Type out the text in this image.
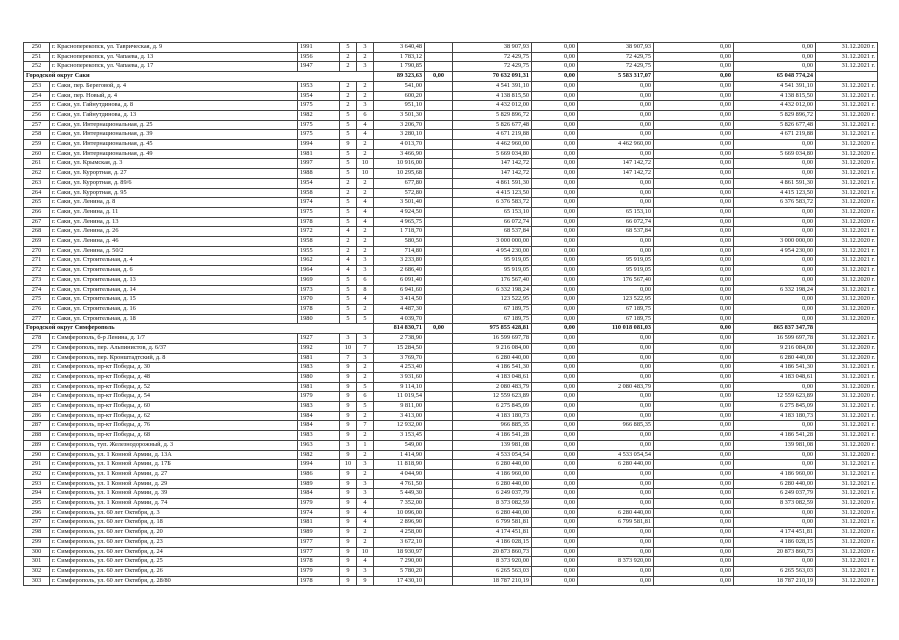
250	г. Красноперекопск, ул. Таврическая, д. 9	1991	5	3	3 640,48		38 907,93	0,00	38 907,93	0,00	0,00	31.12.2020 г.
251	г. Красноперекопск, ул. Чапаева, д. 13	1956	2	2	1 783,12		72 429,75	0,00	72 429,75	0,00	0,00	31.12.2021 г.
252	г. Красноперекопск, ул. Чапаева, д. 17	1947	2	3	1 790,85		72 429,75	0,00	72 429,75	0,00	0,00	31.12.2021 г.
Городской округ Саки					89 323,63	0,00	70 632 091,31	0,00	5 583 317,07	0,00	65 048 774,24	
253	г. Саки, пер. Береговой, д. 4	1953	2	2	541,00		4 541 391,10	0,00	0,00	0,00	4 541 391,10	31.12.2021 г.
254	г. Саки, пер. Новый, д. 4	1954	2	2	600,20		4 138 815,50	0,00	0,00	0,00	4 138 815,50	31.12.2021 г.
255	г. Саки, ул. Гайнутдинова, д. 8	1975	2	3	951,10		4 432 012,00	0,00	0,00	0,00	4 432 012,00	31.12.2021 г.
256	г. Саки, ул. Гайнутдинова, д. 13	1982	5	6	3 501,30		5 829 896,72	0,00	0,00	0,00	5 829 896,72	31.12.2020 г.
257	г. Саки, ул. Интернациональная, д. 25	1975	5	4	3 206,70		5 826 677,48	0,00	0,00	0,00	5 826 677,48	31.12.2021 г.
258	г. Саки, ул. Интернациональная, д. 39	1975	5	4	3 280,10		4 671 219,88	0,00	0,00	0,00	4 671 219,88	31.12.2021 г.
259	г. Саки, ул. Интернациональная, д. 45	1994	9	2	4 013,70		4 462 960,00	0,00	4 462 960,00	0,00	0,00	31.12.2020 г.
260	г. Саки, ул. Интернациональная, д. 49	1981	5	2	3 466,90		5 669 034,80	0,00	0,00	0,00	5 669 034,80	31.12.2020 г.
261	г. Саки, ул. Крымская, д. 3	1997	5	10	10 916,00		147 142,72	0,00	147 142,72	0,00	0,00	31.12.2020 г.
262	г. Саки, ул. Курортная, д. 27	1988	5	10	10 295,68		147 142,72	0,00	147 142,72	0,00	0,00	31.12.2021 г.
263	г. Саки, ул. Курортная, д. 89/6	1954	2	2	677,80		4 861 591,30	0,00	0,00	0,00	4 861 591,30	31.12.2021 г.
264	г. Саки, ул. Курортная, д. 95	1958	2	2	572,80		4 415 123,50	0,00	0,00	0,00	4 415 123,50	31.12.2021 г.
265	г. Саки, ул. Ленина, д. 8	1974	5	4	3 501,40		6 376 583,72	0,00	0,00	0,00	6 376 583,72	31.12.2020 г.
266	г. Саки, ул. Ленина, д. 11	1975	5	4	4 924,50		65 153,10	0,00	65 153,10	0,00	0,00	31.12.2020 г.
267	г. Саки, ул. Ленина, д. 13	1978	5	4	4 965,75		66 072,74	0,00	66 072,74	0,00	0,00	31.12.2020 г.
268	г. Саки, ул. Ленина, д. 26	1972	4	2	1 718,70		68 537,84	0,00	68 537,84	0,00	0,00	31.12.2021 г.
269	г. Саки, ул. Ленина, д. 46	1958	2	2	580,50		3 000 000,00	0,00	0,00	0,00	3 000 000,00	31.12.2020 г.
270	г. Саки, ул. Ленина, д. 50/2	1955	2	2	714,80		4 954 230,00	0,00	0,00	0,00	4 954 230,00	31.12.2021 г.
271	г. Саки, ул. Строительная, д. 4	1962	4	3	3 233,80		95 919,05	0,00	95 919,05	0,00	0,00	31.12.2021 г.
272	г. Саки, ул. Строительная, д. 6	1964	4	3	2 686,40		95 919,05	0,00	95 919,05	0,00	0,00	31.12.2021 г.
273	г. Саки, ул. Строительная, д. 13	1969	5	6	6 091,40		176 567,40	0,00	176 567,40	0,00	0,00	31.12.2020 г.
274	г. Саки, ул. Строительная, д. 14	1973	5	8	6 941,60		6 332 198,24	0,00	0,00	0,00	6 332 198,24	31.12.2021 г.
275	г. Саки, ул. Строительная, д. 15	1970	5	4	3 414,50		123 522,95	0,00	123 522,95	0,00	0,00	31.12.2020 г.
276	г. Саки, ул. Строительная, д. 16	1978	5	2	4 487,30		67 189,75	0,00	67 189,75	0,00	0,00	31.12.2020 г.
277	г. Саки, ул. Строительная, д. 18	1980	5	5	4 039,70		67 189,75	0,00	67 189,75	0,00	0,00	31.12.2020 г.
Городской округ Симферополь					814 830,71	0,00	975 855 428,81	0,00	110 018 081,03	0,00	865 837 347,78	
278	г. Симферополь, б-р Ленина, д. 1/7	1927	3	3	2 738,90		16 599 697,78	0,00	0,00	0,00	16 599 697,78	31.12.2021 г.
279	г. Симферополь, пер. Альпинистов, д. 6/37	1992	10	7	15 284,50		9 216 084,00	0,00	0,00	0,00	9 216 084,00	31.12.2020 г.
280	г. Симферополь, пер. Кронштадтский, д. 8	1981	7	3	3 769,70		6 280 440,00	0,00	0,00	0,00	6 280 440,00	31.12.2020 г.
281	г. Симферополь, пр-кт Победы, д. 30	1983	9	2	4 253,40		4 186 541,30	0,00	0,00	0,00	4 186 541,30	31.12.2021 г.
282	г. Симферополь, пр-кт Победы, д. 48	1980	9	2	3 931,60		4 183 048,61	0,00	0,00	0,00	4 183 048,61	31.12.2021 г.
283	г. Симферополь, пр-кт Победы, д. 52	1981	9	5	9 114,10		2 080 483,79	0,00	2 080 483,79	0,00	0,00	31.12.2020 г.
284	г. Симферополь, пр-кт Победы, д. 54	1979	9	6	11 019,54		12 559 623,89	0,00	0,00	0,00	12 559 623,89	31.12.2020 г.
285	г. Симферополь, пр-кт Победы, д. 60	1983	9	5	9 811,00		6 275 845,09	0,00	0,00	0,00	6 275 845,09	31.12.2021 г.
286	г. Симферополь, пр-кт Победы, д. 62	1984	9	2	3 413,00		4 183 180,73	0,00	0,00	0,00	4 183 180,73	31.12.2021 г.
287	г. Симферополь, пр-кт Победы, д. 76	1984	9	7	12 932,00		966 885,35	0,00	966 885,35	0,00	0,00	31.12.2021 г.
288	г. Симферополь, пр-кт Победы, д. 68	1983	9	2	3 153,45		4 186 541,28	0,00	0,00	0,00	4 186 541,28	31.12.2021 г.
289	г. Симферополь, туп. Железнодорожный, д. 3	1963	3	1	549,00		139 981,08	0,00	0,00	0,00	139 981,08	31.12.2020 г.
290	г. Симферополь, ул. 1 Конной Армии, д. 13А	1982	9	2	1 414,90		4 533 054,54	0,00	4 533 054,54	0,00	0,00	31.12.2020 г.
291	г. Симферополь, ул. 1 Конной Армии, д. 17Б	1994	10	3	11 818,90		6 280 440,00	0,00	6 280 440,00	0,00	0,00	31.12.2021 г.
292	г. Симферополь, ул. 1 Конной Армии, д. 27	1986	9	2	4 044,90		4 186 960,00	0,00	0,00	0,00	4 186 960,00	31.12.2021 г.
293	г. Симферополь, ул. 1 Конной Армии, д. 29	1989	9	3	4 761,50		6 280 440,00	0,00	0,00	0,00	6 280 440,00	31.12.2021 г.
294	г. Симферополь, ул. 1 Конной Армии, д. 39	1984	9	3	5 449,30		6 249 037,79	0,00	0,00	0,00	6 249 037,79	31.12.2021 г.
295	г. Симферополь, ул. 1 Конной Армии, д. 74	1979	9	4	7 352,00		8 373 082,59	0,00	0,00	0,00	8 373 082,59	31.12.2020 г.
296	г. Симферополь, ул. 60 лет Октября, д. 3	1974	9	4	10 096,00		6 280 440,00	0,00	6 280 440,00	0,00	0,00	31.12.2020 г.
297	г. Симферополь, ул. 60 лет Октября, д. 18	1981	9	4	2 896,90		6 799 581,81	0,00	6 799 581,81	0,00	0,00	31.12.2021 г.
298	г. Симферополь, ул. 60 лет Октября, д. 20	1989	9	2	4 258,00		4 174 451,81	0,00	0,00	0,00	4 174 451,81	31.12.2020 г.
299	г. Симферополь, ул. 60 лет Октября, д. 23	1977	9	2	3 672,10		4 186 028,15	0,00	0,00	0,00	4 186 028,15	31.12.2020 г.
300	г. Симферополь, ул. 60 лет Октября, д. 24	1977	9	10	18 930,97		20 873 860,73	0,00	0,00	0,00	20 873 860,73	31.12.2020 г.
301	г. Симферополь, ул. 60 лет Октября, д. 25	1978	9	4	7 290,00		8 373 920,00	0,00	8 373 920,00	0,00	0,00	31.12.2021 г.
302	г. Симферополь, ул. 60 лет Октября, д. 26	1979	9	3	5 780,20		6 265 563,03	0,00	0,00	0,00	6 265 563,03	31.12.2021 г.
303	г. Симферополь, ул. 60 лет Октября, д. 28/80	1978	9	9	17 430,10		18 787 210,19	0,00	0,00	0,00	18 787 210,19	31.12.2020 г.
